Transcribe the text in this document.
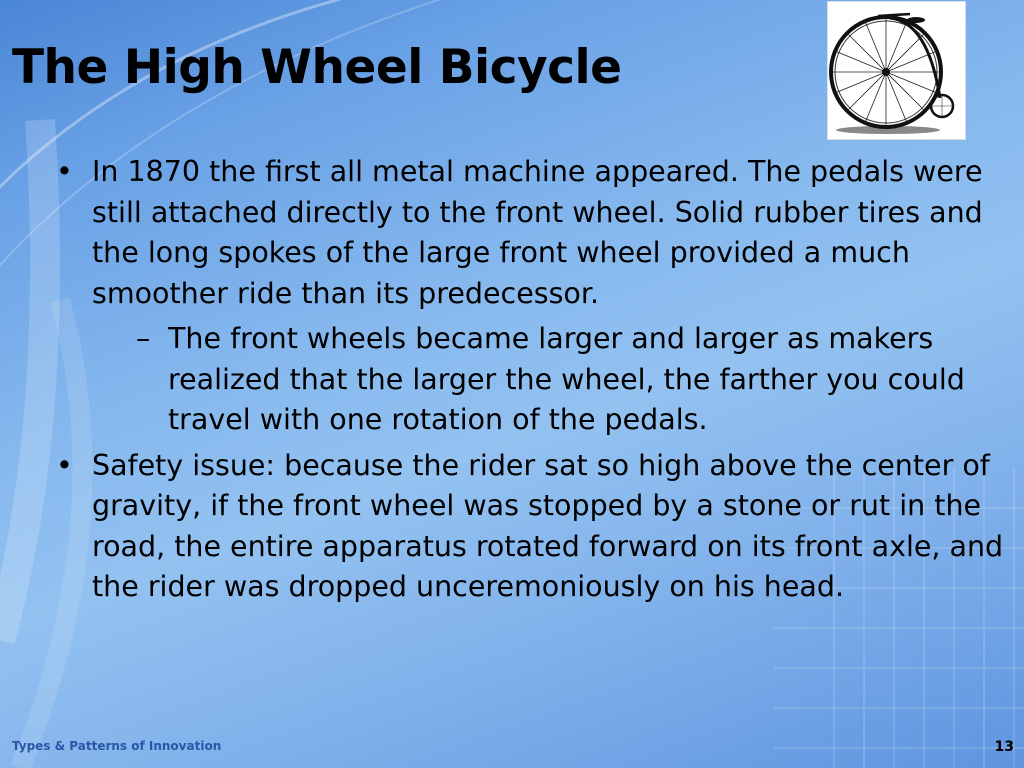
The High Wheel Bicycle
• In 1870 the first all metal machine appeared. The pedals were still attached directly to the front wheel. Solid rubber tires and the long spokes of the large front wheel provided a much smoother ride than its predecessor.
– The front wheels became larger and larger as makers realized that the larger the wheel, the farther you could travel with one rotation of the pedals.
• Safety issue: because the rider sat so high above the center of gravity, if the front wheel was stopped by a stone or rut in the road, the entire apparatus rotated forward on its front axle, and the rider was dropped unceremoniously on his head.
Types & Patterns of Innovation	13
